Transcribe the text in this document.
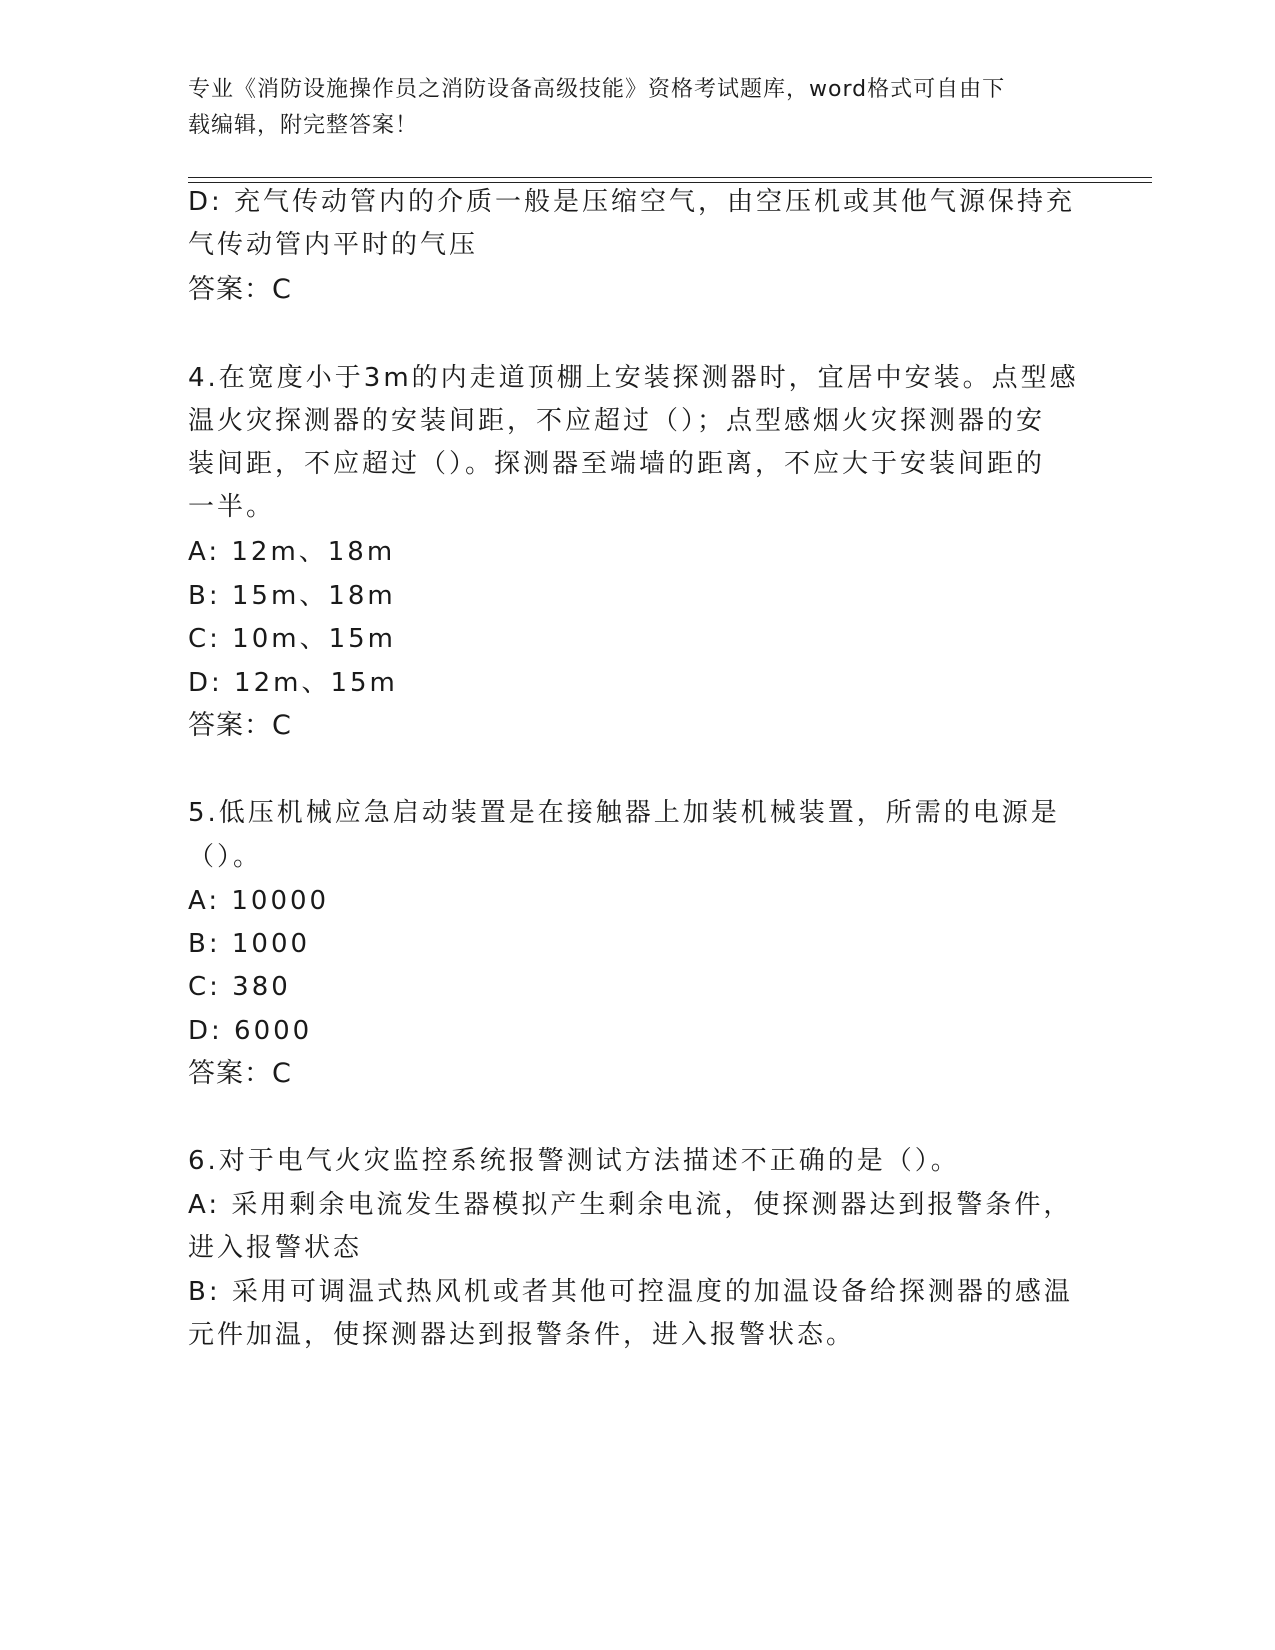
专业《消防设施操作员之消防设备高级技能》资格考试题库，word格式可自由下
载编辑，附完整答案！
D: 充气传动管内的介质一般是压缩空气，由空压机或其他气源保持充
气传动管内平时的气压
答案：C
4.在宽度小于3m的内走道顶棚上安装探测器时，宜居中安装。点型感
温火灾探测器的安装间距，不应超过（）；点型感烟火灾探测器的安
装间距，不应超过（）。探测器至端墙的距离，不应大于安装间距的
一半。
A: 12m、18m
B: 15m、18m
C: 10m、15m
D: 12m、15m
答案：C
5.低压机械应急启动装置是在接触器上加装机械装置，所需的电源是
（）。
A: 10000
B: 1000
C: 380
D: 6000
答案：C
6.对于电气火灾监控系统报警测试方法描述不正确的是（）。
A: 采用剩余电流发生器模拟产生剩余电流，使探测器达到报警条件，
进入报警状态
B: 采用可调温式热风机或者其他可控温度的加温设备给探测器的感温
元件加温，使探测器达到报警条件，进入报警状态。
